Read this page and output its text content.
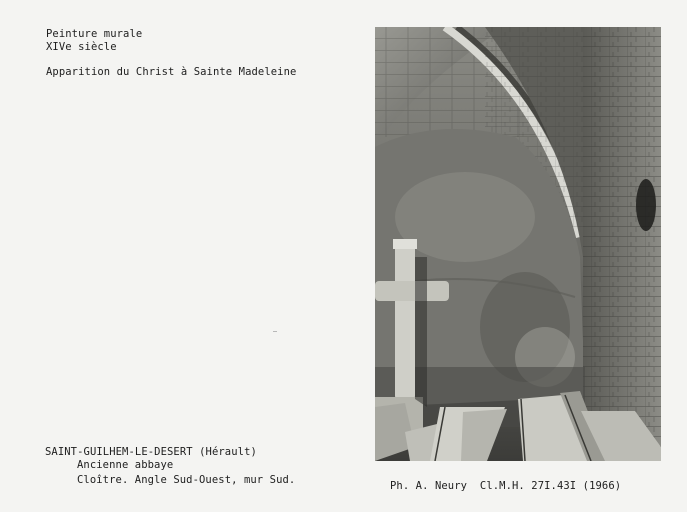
Peinture murale
XIVe siècle
Apparition du Christ à Sainte Madeleine
SAINT-GUILHEM-LE-DESERT (Hérault)
Ancienne abbaye
Cloître. Angle Sud-Ouest, mur Sud.	Ph. A. Neury  Cl.M.H. 27I.43I (1966)
